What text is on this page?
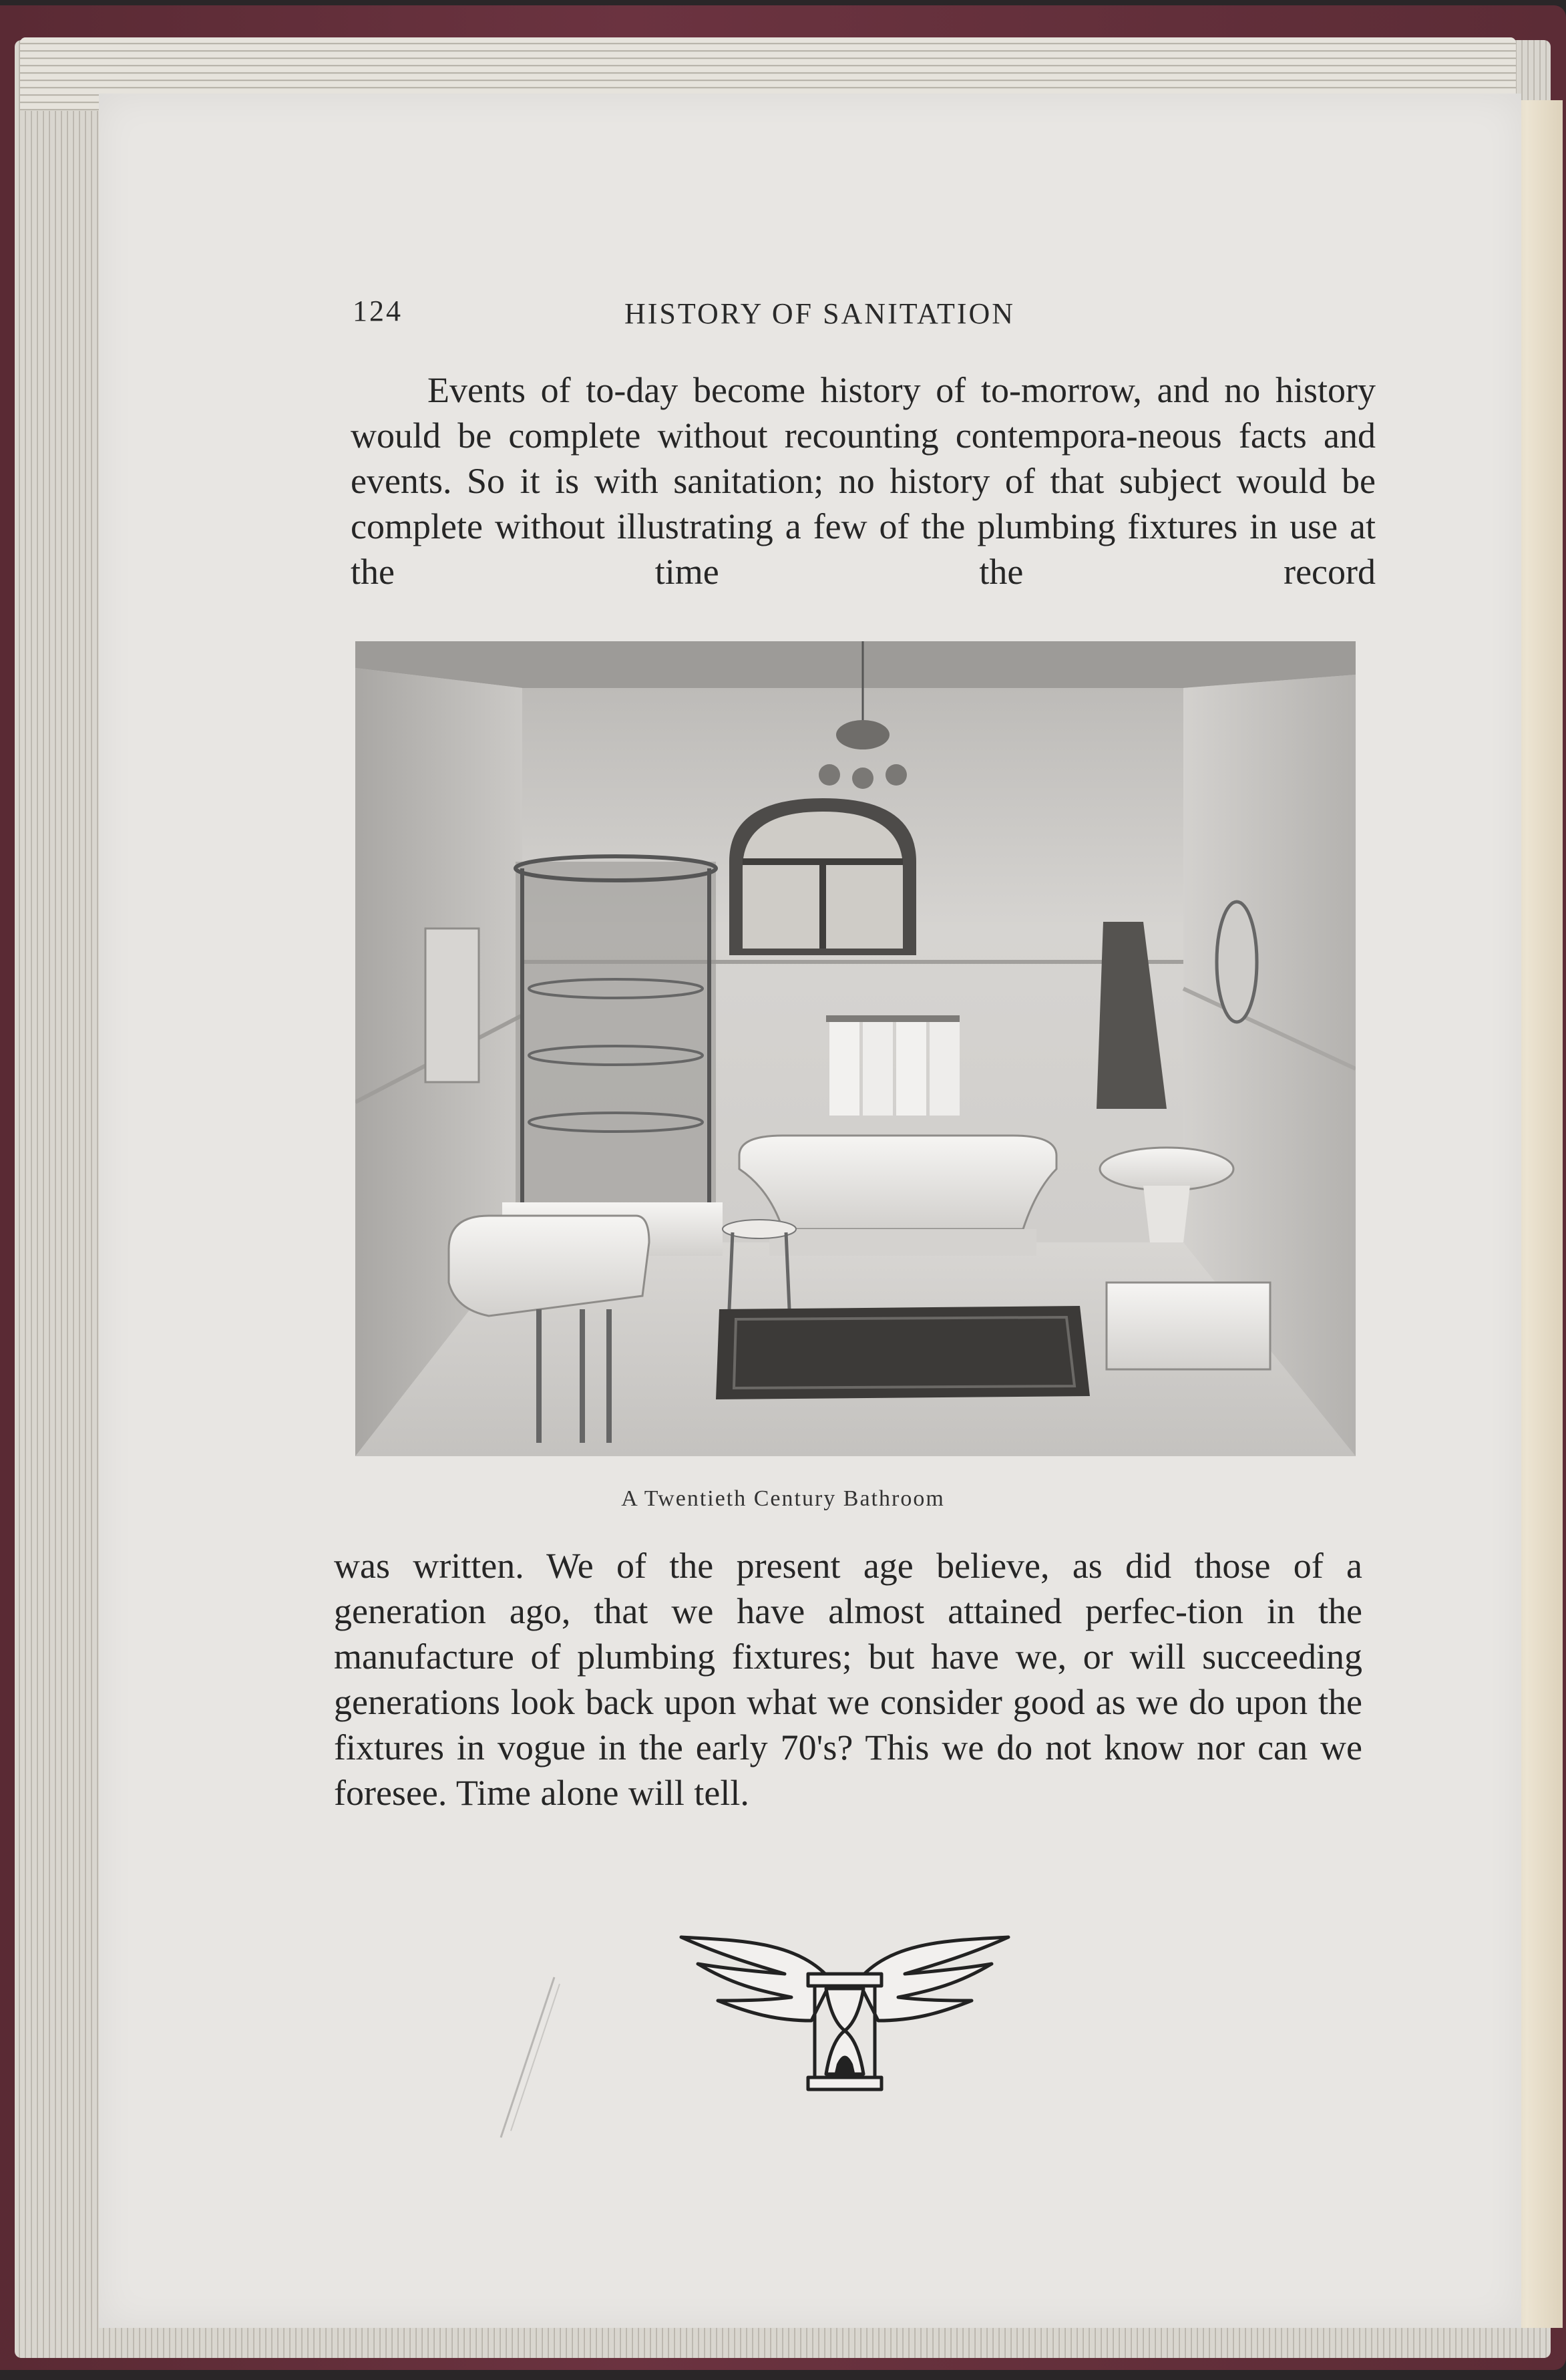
124	HISTORY OF SANITATION

Events of to-day become history of to-morrow, and no history would be complete without recounting contempora-neous facts and events. So it is with sanitation; no history of that subject would be complete without illustrating a few of the plumbing fixtures in use at the time the record

A Twentieth Century Bathroom

was written. We of the present age believe, as did those of a generation ago, that we have almost attained perfec-tion in the manufacture of plumbing fixtures; but have we, or will succeeding generations look back upon what we consider good as we do upon the fixtures in vogue in the early 70's? This we do not know nor can we foresee. Time alone will tell.
